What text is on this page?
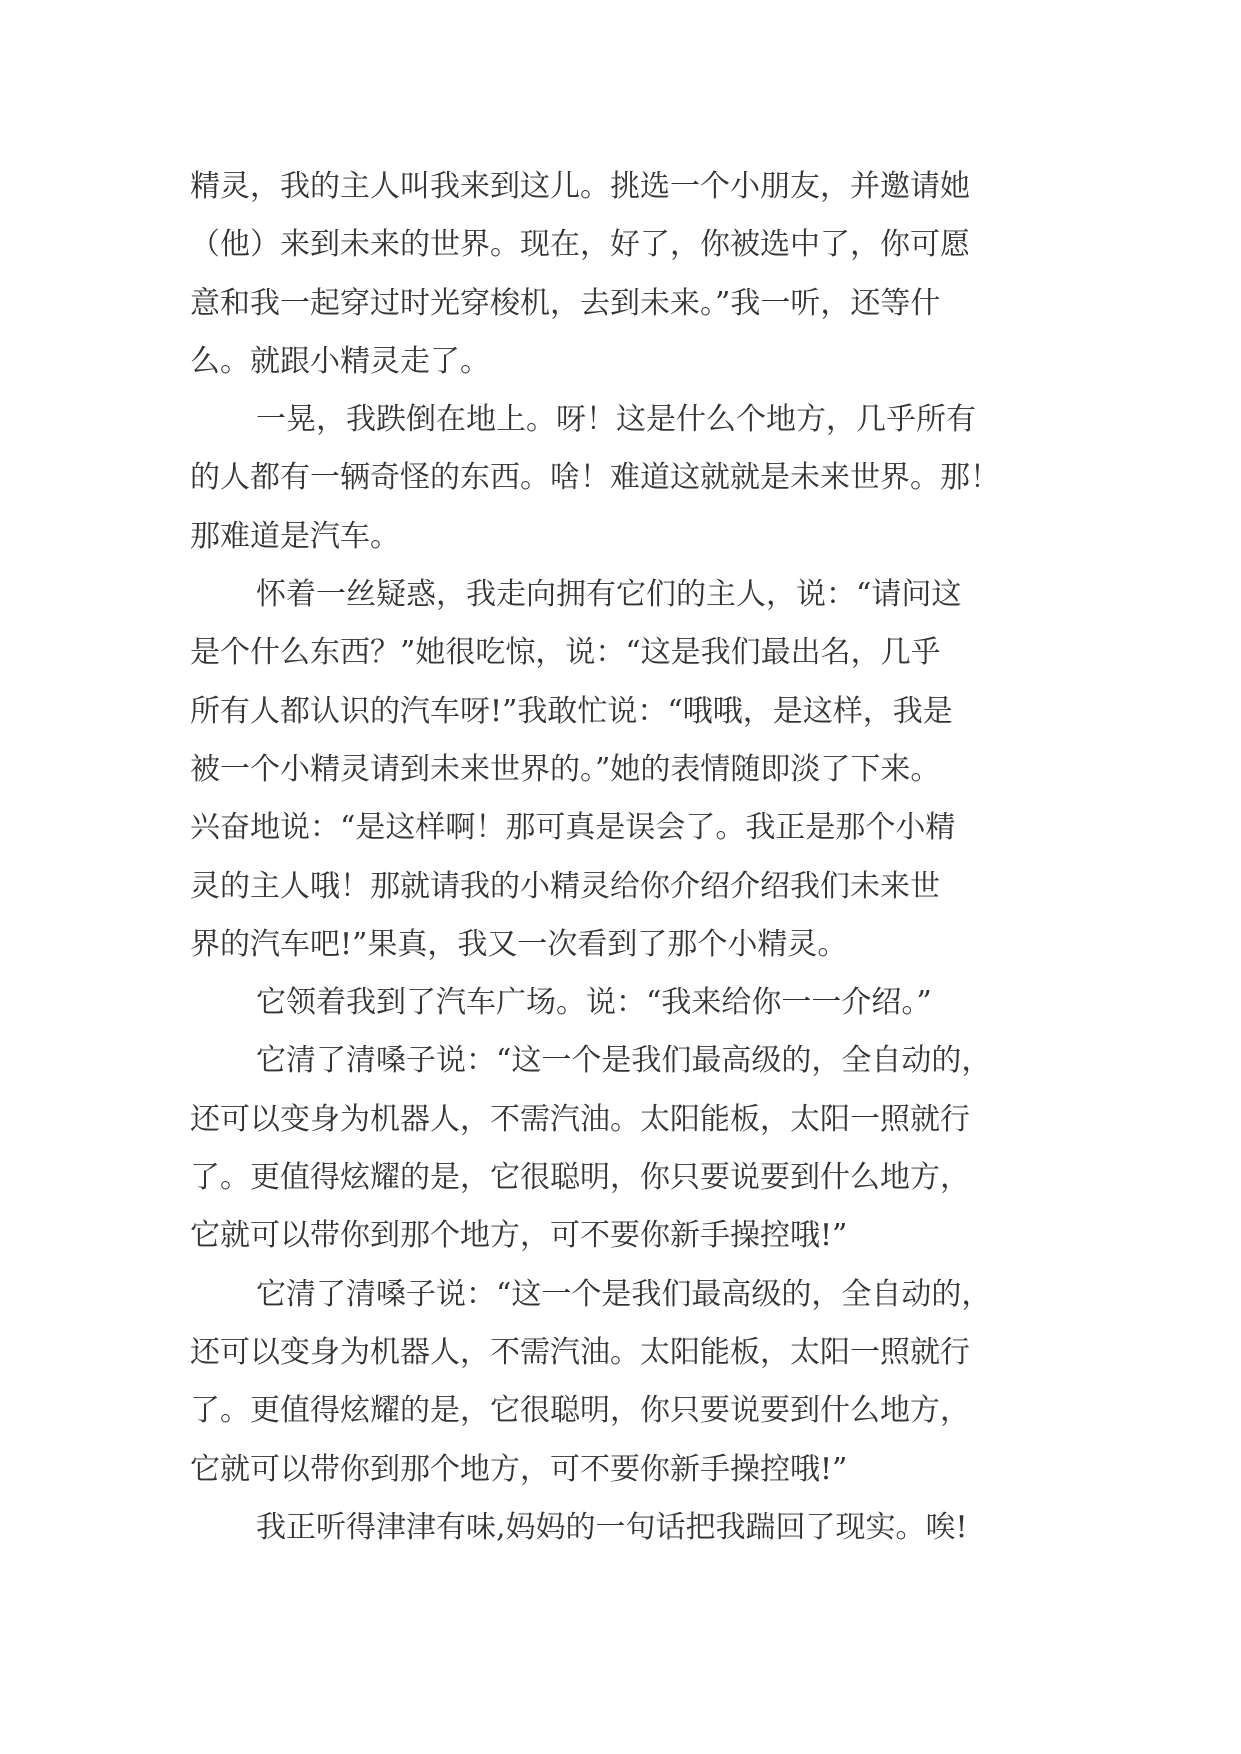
精灵，我的主人叫我来到这儿。挑选一个小朋友，并邀请她
（他）来到未来的世界。现在，好了，你被选中了，你可愿
意和我一起穿过时光穿梭机，去到未来。”我一听，还等什
么。就跟小精灵走了。
一晃，我跌倒在地上。呀！这是什么个地方，几乎所有
的人都有一辆奇怪的东西。啥！难道这就就是未来世界。那！
那难道是汽车。
怀着一丝疑惑，我走向拥有它们的主人，说：“请问这
是个什么东西？”她很吃惊，说：“这是我们最出名，几乎
所有人都认识的汽车呀!”我敢忙说：“哦哦，是这样，我是
被一个小精灵请到未来世界的。”她的表情随即淡了下来。
兴奋地说：“是这样啊！那可真是误会了。我正是那个小精
灵的主人哦！那就请我的小精灵给你介绍介绍我们未来世
界的汽车吧!”果真，我又一次看到了那个小精灵。
它领着我到了汽车广场。说：“我来给你一一介绍。”
它清了清嗓子说：“这一个是我们最高级的，全自动的，
还可以变身为机器人，不需汽油。太阳能板，太阳一照就行
了。更值得炫耀的是，它很聪明，你只要说要到什么地方，
它就可以带你到那个地方，可不要你新手操控哦!”
它清了清嗓子说：“这一个是我们最高级的，全自动的，
还可以变身为机器人，不需汽油。太阳能板，太阳一照就行
了。更值得炫耀的是，它很聪明，你只要说要到什么地方，
它就可以带你到那个地方，可不要你新手操控哦!”
我正听得津津有味,妈妈的一句话把我踹回了现实。唉!
